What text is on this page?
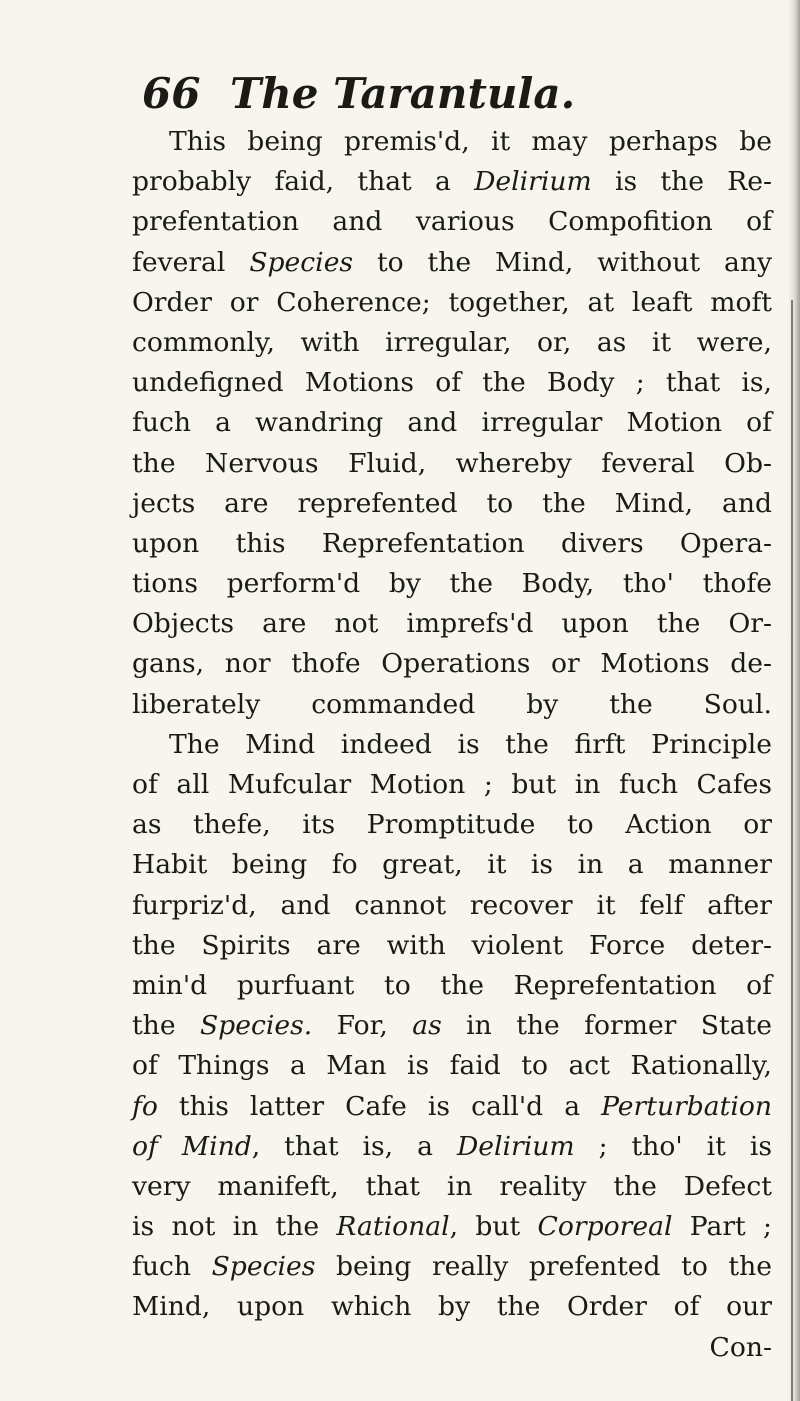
66 The Tarantula.
This being premis'd, it may perhaps be
probably faid, that a Delirium is the Re-
prefentation and various Compofition of
feveral Species to the Mind, without any
Order or Coherence; together, at leaft moft
commonly, with irregular, or, as it were,
undefigned Motions of the Body ; that is,
fuch a wandring and irregular Motion of
the Nervous Fluid, whereby feveral Ob-
jects are reprefented to the Mind, and
upon this Reprefentation divers Opera-
tions perform'd by the Body, tho' thofe
Objects are not imprefs'd upon the Or-
gans, nor thofe Operations or Motions de-
liberately commanded by the Soul.
The Mind indeed is the firft Principle
of all Mufcular Motion ; but in fuch Cafes
as thefe, its Promptitude to Action or
Habit being fo great, it is in a manner
furpriz'd, and cannot recover it felf after
the Spirits are with violent Force deter-
min'd purfuant to the Reprefentation of
the Species. For, as in the former State
of Things a Man is faid to act Rationally,
fo this latter Cafe is call'd a Perturbation
of Mind, that is, a Delirium ; tho' it is
very manifeft, that in reality the Defect
is not in the Rational, but Corporeal Part ;
fuch Species being really prefented to the
Mind, upon which by the Order of our
Con-
